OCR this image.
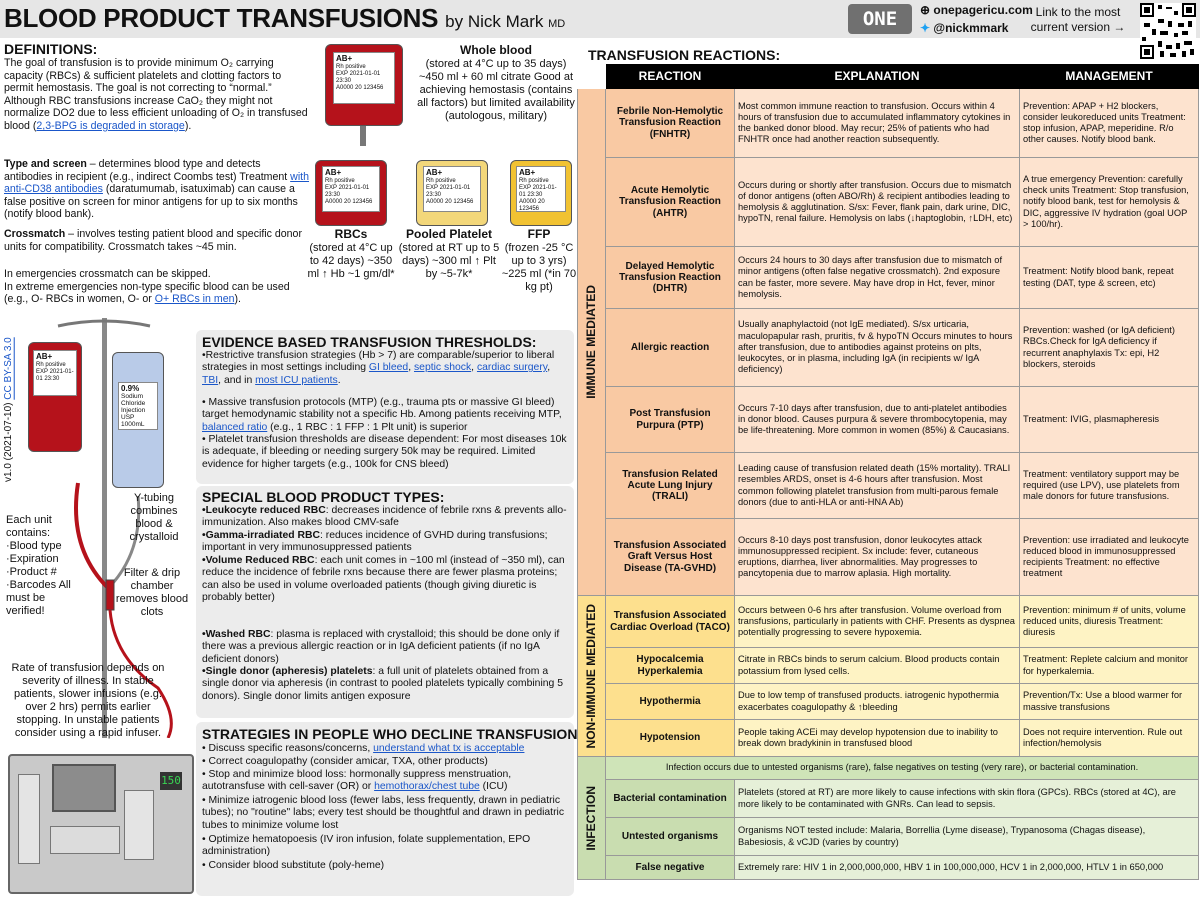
BLOOD PRODUCT TRANSFUSIONS by Nick Mark MD	ONE	⊕ onepagericu.com
✦ @nickmmark
Link to the most current version →
DEFINITIONS:
The goal of transfusion is to provide minimum O₂ carrying capacity (RBCs) & sufficient platelets and clotting factors to permit hemostasis. The goal is not correcting to “normal.” Although RBC transfusions increase CaO₂ they might not normalize DO2 due to less efficient unloading of O₂ in transfused blood (2,3-BPG is degraded in storage).
Type and screen – determines blood type and detects antibodies in recipient (e.g., indirect Coombs test) Treatment with anti-CD38 antibodies (daratumumab, isatuximab) can cause a false positive on screen for minor antigens for up to six months (notify blood bank).
Crossmatch – involves testing patient blood and specific donor units for compatibility. Crossmatch takes ~45 min.
In emergencies crossmatch can be skipped.
In extreme emergencies non-type specific blood can be used (e.g., O- RBCs in women, O- or O+ RBCs in men).
AB+
Rh positive
EXP 2021-01-01 23:30
A0000 20 123456
Whole blood
(stored at 4°C up to 35 days) ~450 ml + 60 ml citrate Good at achieving hemostasis (contains all factors) but limited availability (autologous, military)
AB+
Rh positive
EXP 2021-01-01 23:30
A0000 20 123456
AB+
Rh positive
EXP 2021-01-01 23:30
A0000 20 123456
AB+
Rh positive
EXP 2021-01-01 23:30
A0000 20 123456
RBCs
(stored at 4°C up to 42 days) ~350 ml ↑ Hb ~1 gm/dl*
Pooled Platelet
(stored at RT up to 5 days) ~300 ml ↑ Plt by ~5-7k*
FFP
(frozen -25 °C up to 3 yrs) ~225 ml (*in 70 kg pt)
v1.0 (2021-07-10) CC BY-SA 3.0	AB+
Rh positive
EXP 2021-01-01 23:30
0.9% Sodium Chloride Injection USP
1000mL
Each unit contains: ·Blood type ·Expiration ·Product # ·Barcodes All must be verified!
Y-tubing combines blood & crystalloid
Filter & drip chamber removes blood clots
Rate of transfusion depends on severity of illness. In stable patients, slower infusions (e.g. over 2 hrs) permits earlier stopping. In unstable patients consider using a rapid infuser.
150
EVIDENCE BASED TRANSFUSION THRESHOLDS:
•Restrictive transfusion strategies (Hb > 7) are comparable/superior to liberal strategies in most settings including GI bleed, septic shock, cardiac surgery, TBI, and in most ICU patients.
• Massive transfusion protocols (MTP) (e.g., trauma pts or massive GI bleed) target hemodynamic stability not a specific Hb. Among patients receiving MTP, balanced ratio (e.g., 1 RBC : 1 FFP : 1 Plt unit) is superior
• Platelet transfusion thresholds are disease dependent: For most diseases 10k is adequate, if bleeding or needing surgery 50k may be required. Limited evidence for higher targets (e.g., 100k for CNS bleed)
SPECIAL BLOOD PRODUCT TYPES:
•Leukocyte reduced RBC: decreases incidence of febrile rxns & prevents allo-immunization. Also makes blood CMV-safe
•Gamma-irradiated RBC: reduces incidence of GVHD during transfusions; important in very immunosuppressed patients
•Volume Reduced RBC: each unit comes in ~100 ml (instead of ~350 ml), can reduce the incidence of febrile rxns because there are fewer plasma proteins; can also be used in volume overloaded patients (though giving diuretic is probably better)
•Washed RBC: plasma is replaced with crystalloid; this should be done only if there was a previous allergic reaction or in IgA deficient patients (if no IgA deficient donors)
•Single donor (apheresis) platelets: a full unit of platelets obtained from a single donor via apheresis (in contrast to pooled platelets typically combining 5 donors). Single donor limits antigen exposure
STRATEGIES IN PEOPLE WHO DECLINE TRANSFUSION
• Discuss specific reasons/concerns, understand what tx is acceptable
• Correct coagulopathy (consider amicar, TXA, other products)
• Stop and minimize blood loss: hormonally suppress menstruation, autotransfuse with cell-saver (OR) or hemothorax/chest tube (ICU)
• Minimize iatrogenic blood loss (fewer labs, less frequently, drawn in pediatric tubes); no "routine" labs; every test should be thoughtful and drawn in pediatric tubes to minimize volume lost
• Optimize hematopoesis (IV iron infusion, folate supplementation, EPO administration)
• Consider blood substitute (poly-heme)
TRANSFUSION REACTIONS:
	REACTION	EXPLANATION	MANAGEMENT

IMMUNE MEDIATED	Febrile Non-Hemolytic Transfusion Reaction (FNHTR)	Most common immune reaction to transfusion. Occurs within 4 hours of transfusion due to accumulated inflammatory cytokines in the banked donor blood. May recur; 25% of patients who had FNHTR once had another reaction subsequently.	Prevention: APAP + H2 blockers, consider leukoreduced units Treatment: stop infusion, APAP, meperidine. R/o other causes. Notify blood bank.
	Acute Hemolytic Transfusion Reaction (AHTR)	Occurs during or shortly after transfusion. Occurs due to mismatch of donor antigens (often ABO/Rh) & recipient antibodies leading to hemolysis & agglutination. S/sx: Fever, flank pain, dark urine, DIC, hypoTN, renal failure. Hemolysis on labs (↓haptoglobin, ↑LDH, etc)	A true emergency Prevention: carefully check units Treatment: Stop transfusion, notify blood bank, test for hemolysis & DIC, aggressive IV hydration (goal UOP > 100/hr).
	Delayed Hemolytic Transfusion Reaction (DHTR)	Occurs 24 hours to 30 days after transfusion due to mismatch of minor antigens (often false negative crossmatch). 2nd exposure can be faster, more severe. May have drop in Hct, fever, minor hemolysis.	Treatment: Notify blood bank, repeat testing (DAT, type & screen, etc)
	Allergic reaction	Usually anaphylactoid (not IgE mediated). S/sx urticaria, maculopapular rash, pruritis, fv & hypoTN Occurs minutes to hours after transfusion, due to antibodies against proteins on plts, leukocytes, or in plasma, including IgA (in recipients w/ IgA deficiency)	Prevention: washed (or IgA deficient) RBCs.Check for IgA deficiency if recurrent anaphylaxis Tx: epi, H2 blockers, steroids
	Post Transfusion Purpura (PTP)	Occurs 7-10 days after transfusion, due to anti-platelet antibodies in donor blood. Causes purpura & severe thrombocytopenia, may be life-threatening. More common in women (85%) & Caucasians.	Treatment: IVIG, plasmapheresis
	Transfusion Related Acute Lung Injury (TRALI)	Leading cause of transfusion related death (15% mortality). TRALI resembles ARDS, onset is 4-6 hours after transfusion. Most common following platelet transfusion from multi-parous female donors (due to anti-HLA or anti-HNA Ab)	Treatment: ventilatory support may be required (use LPV), use platelets from male donors for future transfusions.
	Transfusion Associated Graft Versus Host Disease (TA-GVHD)	Occurs 8-10 days post transfusion, donor leukocytes attack immunosuppressed recipient. Sx include: fever, cutaneous eruptions, diarrhea, liver abnormalities. May progresses to pancytopenia due to marrow aplasia. High mortality.	Prevention: use irradiated and leukocyte reduced blood in immunosuppressed recipients Treatment: no effective treatment

NON-IMMUNE MEDIATED	Transfusion Associated Cardiac Overload (TACO)	Occurs between 0-6 hrs after transfusion. Volume overload from transfusions, particularly in patients with CHF. Presents as dyspnea potentially progressing to severe hypoxemia.	Prevention: minimum # of units, volume reduced units, diuresis Treatment: diuresis
	Hypocalcemia Hyperkalemia	Citrate in RBCs binds to serum calcium. Blood products contain potassium from lysed cells.	Treatment: Replete calcium and monitor for hyperkalemia.
	Hypothermia	Due to low temp of transfused products. iatrogenic hypothermia exacerbates coagulopathy & ↑bleeding	Prevention/Tx: Use a blood warmer for massive transfusions
	Hypotension	People taking ACEi may develop hypotension due to inability to break down bradykinin in transfused blood	Does not require intervention. Rule out infection/hemolysis

INFECTION	Infection occurs due to untested organisms (rare), false negatives on testing (very rare), or bacterial contamination.		
	Bacterial contamination	Platelets (stored at RT) are more likely to cause infections with skin flora (GPCs). RBCs (stored at 4C), are more likely to be contaminated with GNRs. Can lead to sepsis.	
	Untested organisms	Organisms NOT tested include: Malaria, Borrellia (Lyme disease), Trypanosoma (Chagas disease), Babesiosis, & vCJD (varies by country)	
	False negative	Extremely rare: HIV 1 in 2,000,000,000, HBV 1 in 100,000,000, HCV 1 in 2,000,000, HTLV 1 in 650,000	
